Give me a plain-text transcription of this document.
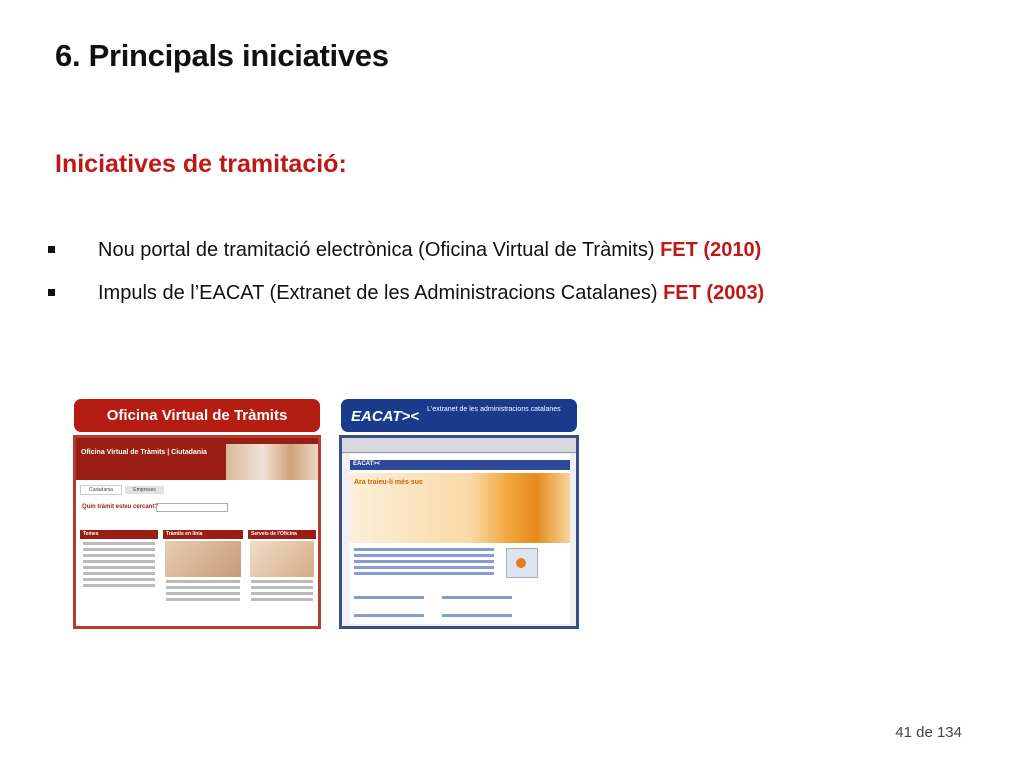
6. Principals iniciatives
Iniciatives de tramitació:
Nou portal de tramitació electrònica (Oficina Virtual de Tràmits) FET (2010)
Impuls de l’EACAT (Extranet de les Administracions Catalanes) FET (2003)
Oficina Virtual de Tràmits
Oficina Virtual de Tràmits | Ciutadania
Ciutadania	Empreses
Quin tràmit esteu cercant?
Temes	Tràmits en línia	Serveis de l'Oficina
EACAT>< L'extranet de les administracions catalanes
EACAT><
Ara traieu-li més suc
41 de 134
